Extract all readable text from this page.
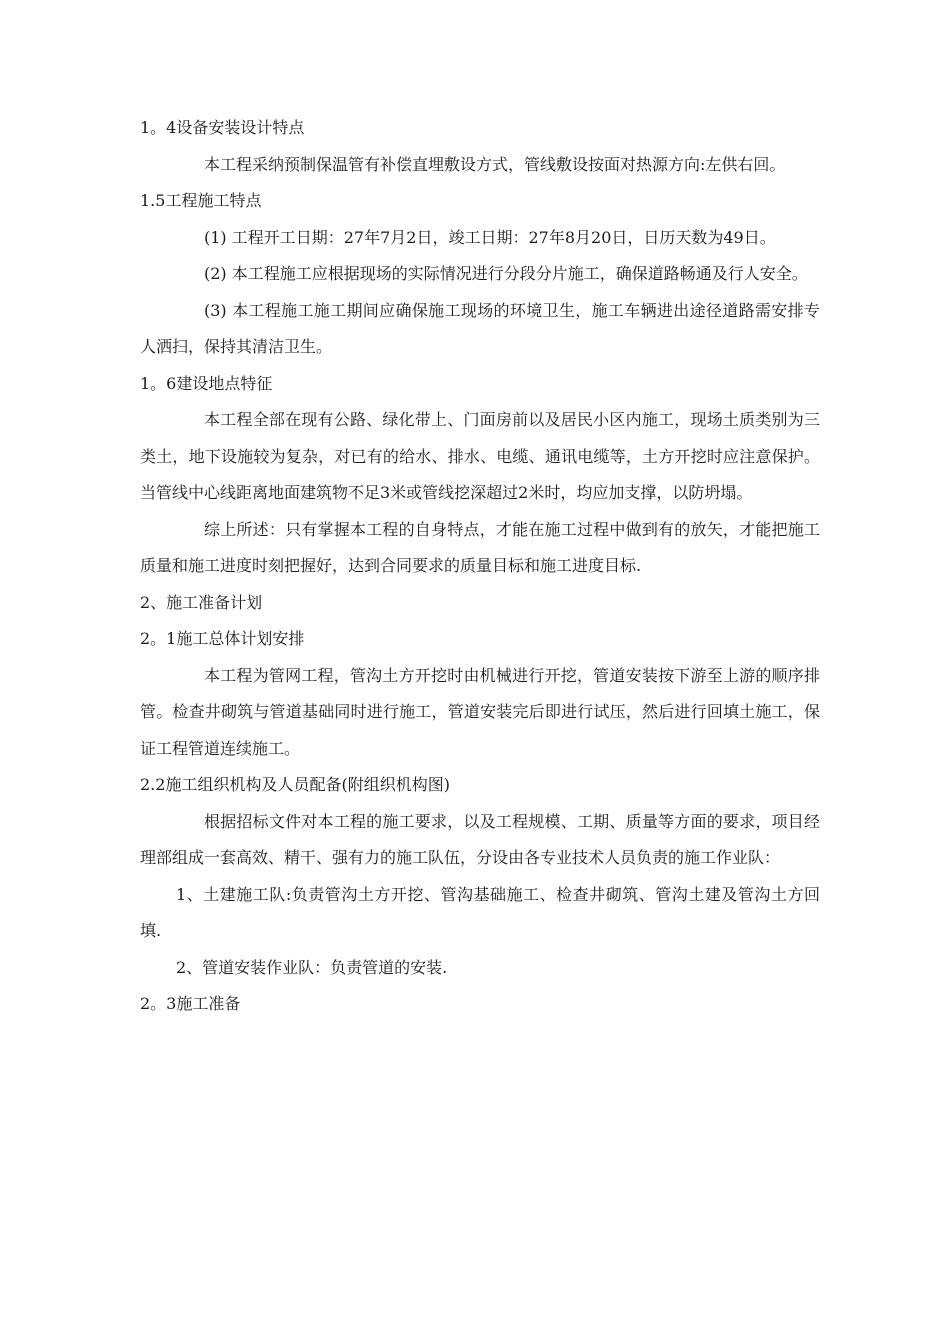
1。4设备安装设计特点

本工程采纳预制保温管有补偿直埋敷设方式，管线敷设按面对热源方向:左供右回。

1.5工程施工特点

(1) 工程开工日期：27年7月2日，竣工日期：27年8月20日，日历天数为49日。

(2) 本工程施工应根据现场的实际情况进行分段分片施工，确保道路畅通及行人安全。

(3) 本工程施工施工期间应确保施工现场的环境卫生，施工车辆进出途径道路需安排专人洒扫，保持其清洁卫生。

1。6建设地点特征

本工程全部在现有公路、绿化带上、门面房前以及居民小区内施工，现场土质类别为三类土，地下设施较为复杂，对已有的给水、排水、电缆、通讯电缆等，土方开挖时应注意保护。当管线中心线距离地面建筑物不足3米或管线挖深超过2米时，均应加支撑，以防坍塌。

综上所述：只有掌握本工程的自身特点，才能在施工过程中做到有的放矢，才能把施工质量和施工进度时刻把握好，达到合同要求的质量目标和施工进度目标.

2、施工准备计划

2。1施工总体计划安排

本工程为管网工程，管沟土方开挖时由机械进行开挖，管道安装按下游至上游的顺序排管。检查井砌筑与管道基础同时进行施工，管道安装完后即进行试压，然后进行回填土施工，保证工程管道连续施工。

2.2施工组织机构及人员配备(附组织机构图)

根据招标文件对本工程的施工要求，以及工程规模、工期、质量等方面的要求，项目经理部组成一套高效、精干、强有力的施工队伍，分设由各专业技术人员负责的施工作业队：

1、土建施工队:负责管沟土方开挖、管沟基础施工、检查井砌筑、管沟土建及管沟土方回填.

2、管道安装作业队：负责管道的安装.

2。3施工准备
